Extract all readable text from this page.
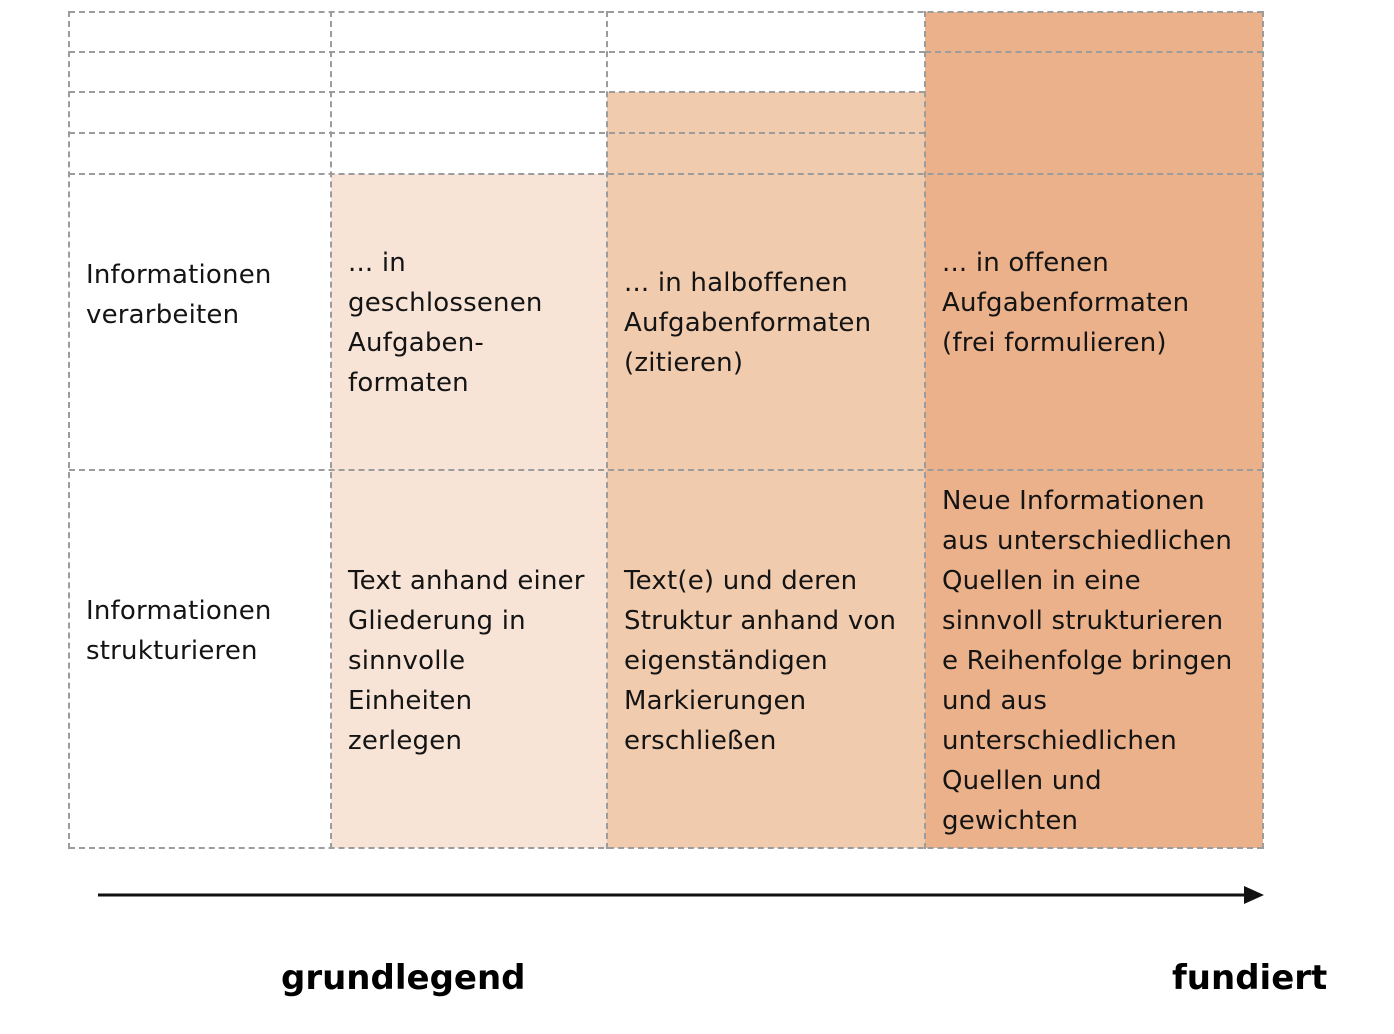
Informationen
verarbeiten
... in
geschlossenen
Aufgaben-
formaten
... in halboffenen
Aufgabenformaten
(zitieren)
... in offenen
Aufgabenformaten
(frei formulieren)
Informationen
strukturieren
Text anhand einer
Gliederung in
sinnvolle
Einheiten
zerlegen
Text(e) und deren
Struktur anhand von
eigenständigen
Markierungen
erschließen
Neue Informationen
aus unterschiedlichen
Quellen in eine
sinnvoll strukturieren
e Reihenfolge bringen
und aus
unterschiedlichen
Quellen und
gewichten
grundlegend	fundiert
